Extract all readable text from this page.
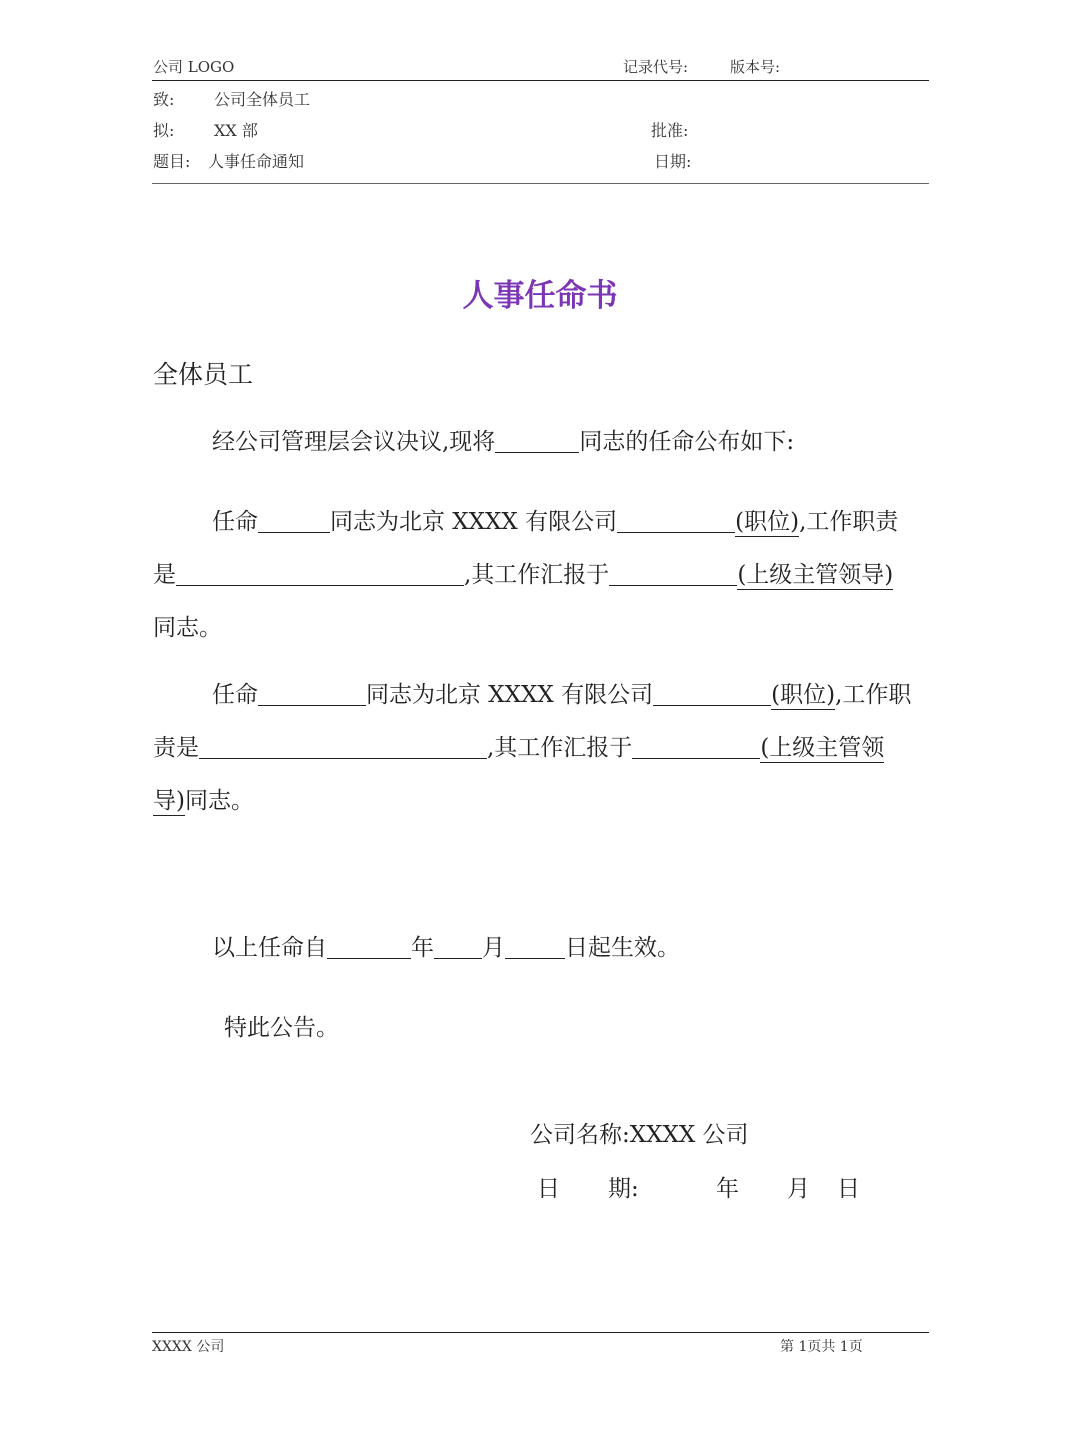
公司 LOGO	记录代号:	版本号:
致: 公司全体员工
拟: XX 部	批准:
题目: 人事任命通知	日期:
人事任命书
全体员工
经公司管理层会议决议,现将	同志的任命公布如下:
任命	同志为北京 XXXX 有限公司	(职位),工作职责
是	,其工作汇报于	(上级主管领导)
同志。
任命	同志为北京 XXXX 有限公司	(职位),工作职
责是	,其工作汇报于	(上级主管领
导)同志。
以上任命自	年 月	日起生效。
特此公告。
公司名称:XXXX 公司
日 期:	年 月 日
XXXX 公司	第 1页共 1页
